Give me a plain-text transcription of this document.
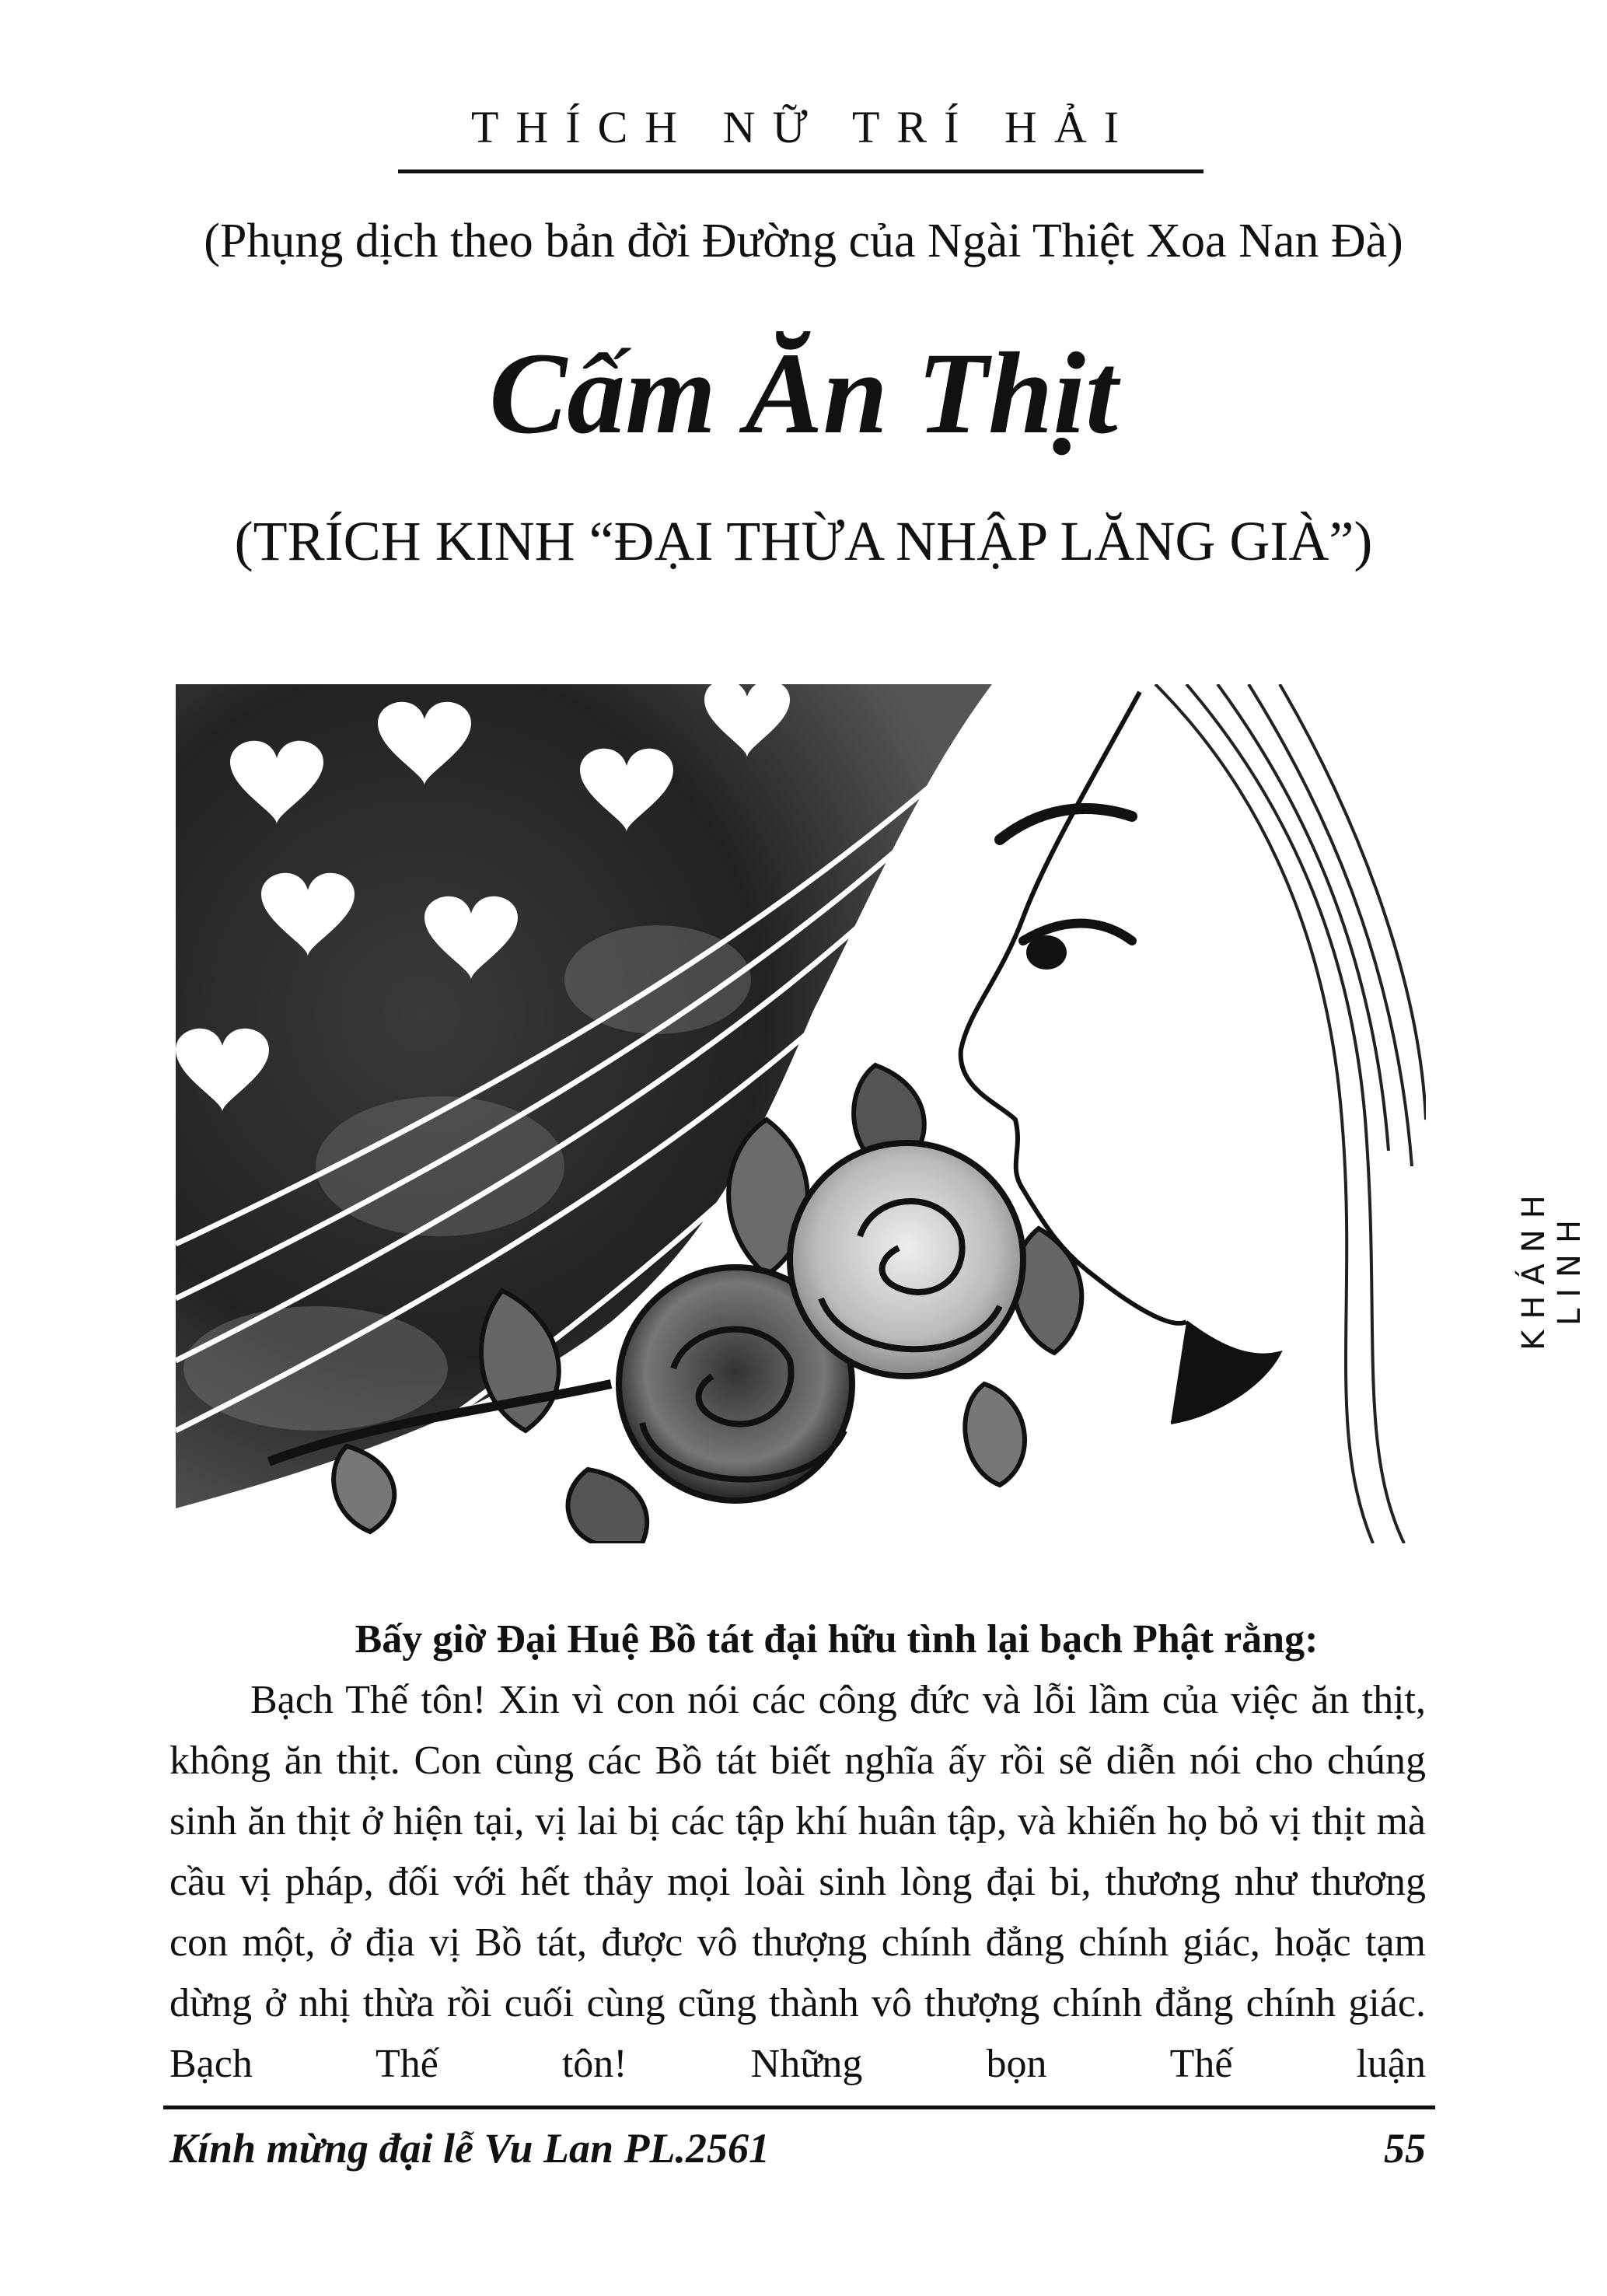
THÍCH NỮ TRÍ HẢI
(Phụng dịch theo bản đời Đường của Ngài Thiệt Xoa Nan Đà)
Cấm Ăn Thịt
(TRÍCH KINH “ĐẠI THỪA NHẬP LĂNG GIÀ”)
KHÁNH LINH
Bấy giờ Đại Huệ Bồ tát đại hữu tình lại bạch Phật rằng:
Bạch Thế tôn! Xin vì con nói các công đức và lỗi lầm của việc ăn thịt, không ăn thịt. Con cùng các Bồ tát biết nghĩa ấy rồi sẽ diễn nói cho chúng sinh ăn thịt ở hiện tại, vị lai bị các tập khí huân tập, và khiến họ bỏ vị thịt mà cầu vị pháp, đối với hết thảy mọi loài sinh lòng đại bi, thương như thương con một, ở địa vị Bồ tát, được vô thượng chính đẳng chính giác, hoặc tạm dừng ở nhị thừa rồi cuối cùng cũng thành vô thượng chính đẳng chính giác. Bạch Thế tôn! Những bọn Thế luận
Kính mừng đại lễ Vu Lan PL.2561	55
